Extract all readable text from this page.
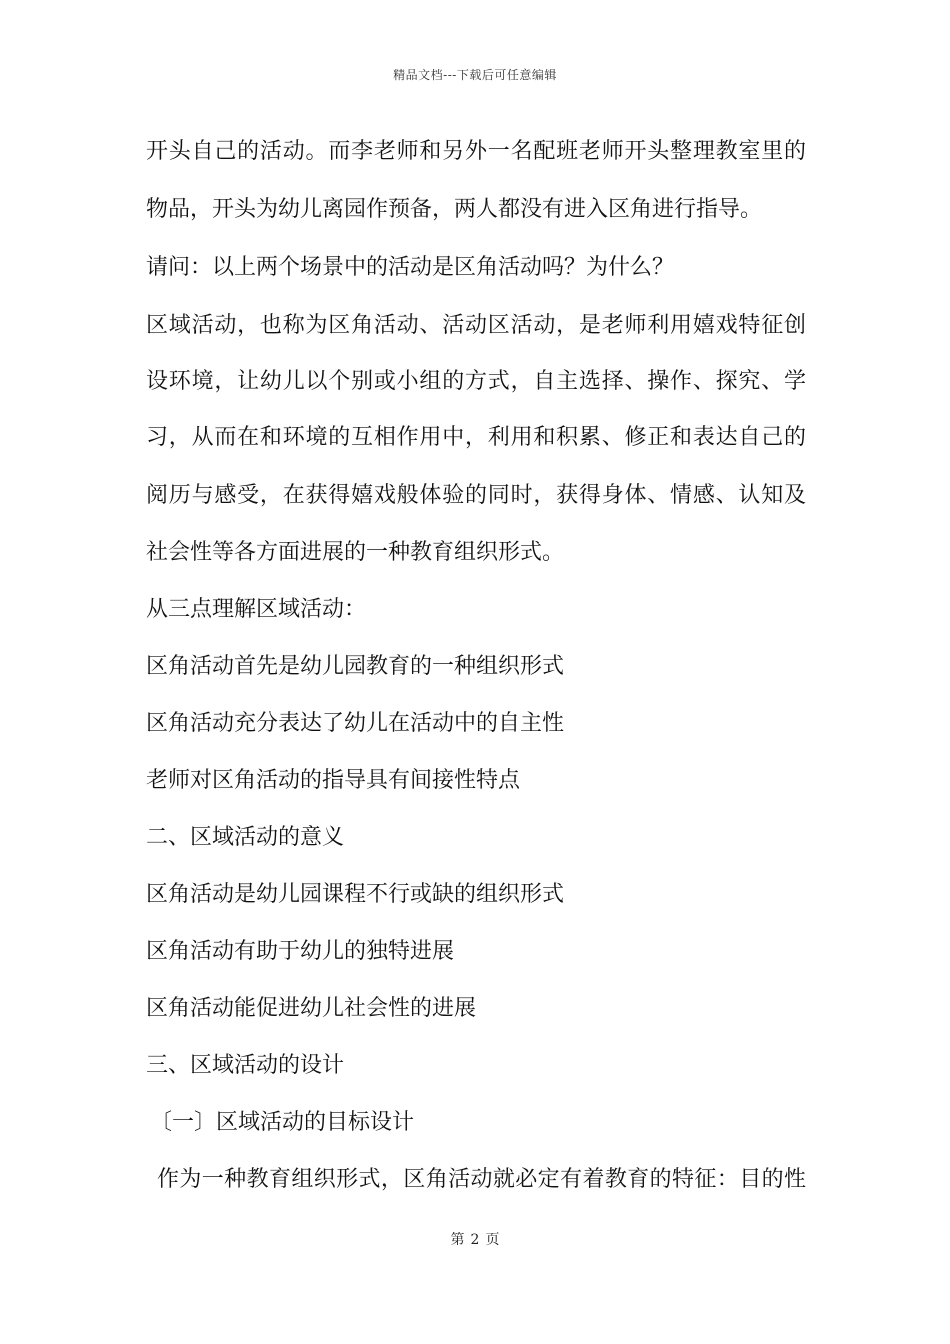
精品文档---下载后可任意编辑
开头自己的活动。而李老师和另外一名配班老师开头整理教室里的
物品，开头为幼儿离园作预备，两人都没有进入区角进行指导。
请问：以上两个场景中的活动是区角活动吗？为什么？
区域活动，也称为区角活动、活动区活动，是老师利用嬉戏特征创
设环境，让幼儿以个别或小组的方式，自主选择、操作、探究、学
习，从而在和环境的互相作用中，利用和积累、修正和表达自己的
阅历与感受，在获得嬉戏般体验的同时，获得身体、情感、认知及
社会性等各方面进展的一种教育组织形式。
从三点理解区域活动：
区角活动首先是幼儿园教育的一种组织形式
区角活动充分表达了幼儿在活动中的自主性
老师对区角活动的指导具有间接性特点
二、区域活动的意义
区角活动是幼儿园课程不行或缺的组织形式
区角活动有助于幼儿的独特进展
区角活动能促进幼儿社会性的进展
三、区域活动的设计
〔一〕区域活动的目标设计
作为一种教育组织形式，区角活动就必定有着教育的特征：目的性
第 2 页
